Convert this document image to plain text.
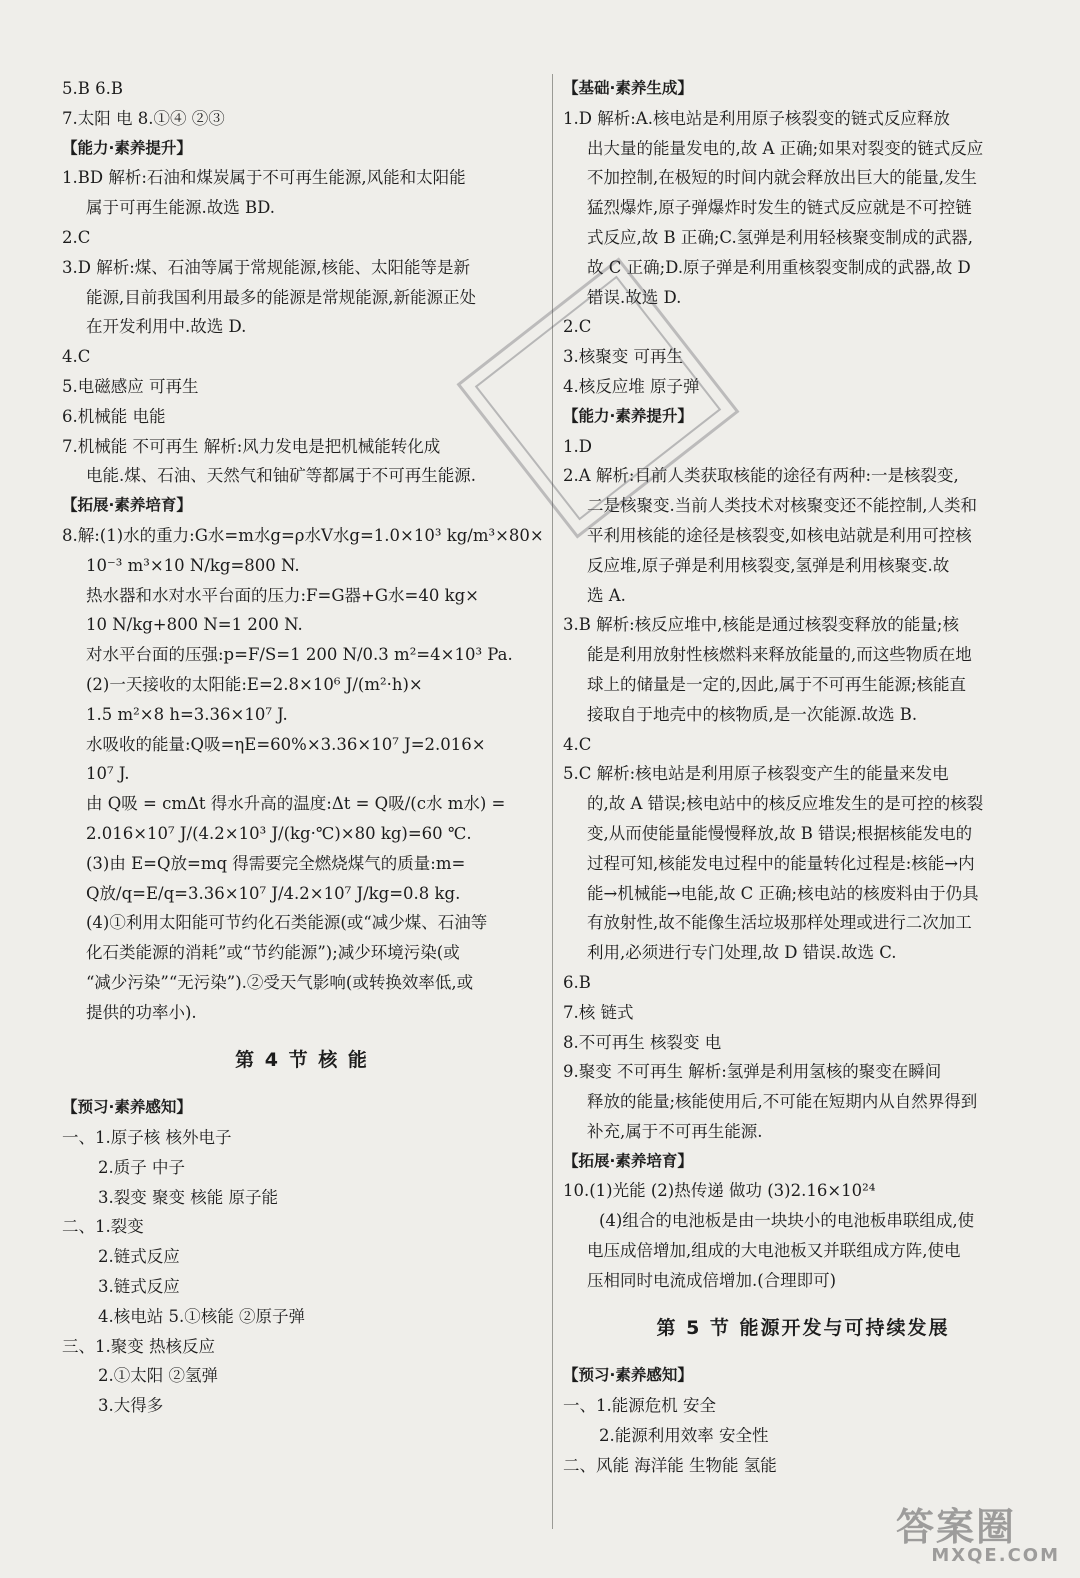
5.B 6.B
7.太阳 电 8.①④ ②③
【能力·素养提升】
1.BD 解析:石油和煤炭属于不可再生能源,风能和太阳能
属于可再生能源.故选 BD.
2.C
3.D 解析:煤、石油等属于常规能源,核能、太阳能等是新
能源,目前我国利用最多的能源是常规能源,新能源正处
在开发利用中.故选 D.
4.C
5.电磁感应 可再生
6.机械能 电能
7.机械能 不可再生 解析:风力发电是把机械能转化成
电能.煤、石油、天然气和铀矿等都属于不可再生能源.
【拓展·素养培育】
8.解:(1)水的重力:G水=m水g=ρ水V水g=1.0×10³ kg/m³×80×
10⁻³ m³×10 N/kg=800 N.
热水器和水对水平台面的压力:F=G器+G水=40 kg×
10 N/kg+800 N=1 200 N.
对水平台面的压强:p=F/S=1 200 N/0.3 m²=4×10³ Pa.
(2)一天接收的太阳能:E=2.8×10⁶ J/(m²·h)×
1.5 m²×8 h=3.36×10⁷ J.
水吸收的能量:Q吸=ηE=60%×3.36×10⁷ J=2.016×
10⁷ J.
由 Q吸 = cmΔt 得水升高的温度:Δt = Q吸/(c水 m水) =
2.016×10⁷ J/(4.2×10³ J/(kg·℃)×80 kg)=60 ℃.
(3)由 E=Q放=mq 得需要完全燃烧煤气的质量:m=
Q放/q=E/q=3.36×10⁷ J/4.2×10⁷ J/kg=0.8 kg.
(4)①利用太阳能可节约化石类能源(或“减少煤、石油等
化石类能源的消耗”或“节约能源”);减少环境污染(或
“减少污染”“无污染”).②受天气影响(或转换效率低,或
提供的功率小).
第 4 节 核 能
【预习·素养感知】
一、1.原子核 核外电子
2.质子 中子
3.裂变 聚变 核能 原子能
二、1.裂变
2.链式反应
3.链式反应
4.核电站 5.①核能 ②原子弹
三、1.聚变 热核反应
2.①太阳 ②氢弹
3.大得多
【基础·素养生成】
1.D 解析:A.核电站是利用原子核裂变的链式反应释放
出大量的能量发电的,故 A 正确;如果对裂变的链式反应
不加控制,在极短的时间内就会释放出巨大的能量,发生
猛烈爆炸,原子弹爆炸时发生的链式反应就是不可控链
式反应,故 B 正确;C.氢弹是利用轻核聚变制成的武器,
故 C 正确;D.原子弹是利用重核裂变制成的武器,故 D
错误.故选 D.
2.C
3.核聚变 可再生
4.核反应堆 原子弹
【能力·素养提升】
1.D
2.A 解析:目前人类获取核能的途径有两种:一是核裂变,
二是核聚变.当前人类技术对核聚变还不能控制,人类和
平利用核能的途径是核裂变,如核电站就是利用可控核
反应堆,原子弹是利用核裂变,氢弹是利用核聚变.故
选 A.
3.B 解析:核反应堆中,核能是通过核裂变释放的能量;核
能是利用放射性核燃料来释放能量的,而这些物质在地
球上的储量是一定的,因此,属于不可再生能源;核能直
接取自于地壳中的核物质,是一次能源.故选 B.
4.C
5.C 解析:核电站是利用原子核裂变产生的能量来发电
的,故 A 错误;核电站中的核反应堆发生的是可控的核裂
变,从而使能量能慢慢释放,故 B 错误;根据核能发电的
过程可知,核能发电过程中的能量转化过程是:核能→内
能→机械能→电能,故 C 正确;核电站的核废料由于仍具
有放射性,故不能像生活垃圾那样处理或进行二次加工
利用,必须进行专门处理,故 D 错误.故选 C.
6.B
7.核 链式
8.不可再生 核裂变 电
9.聚变 不可再生 解析:氢弹是利用氢核的聚变在瞬间
释放的能量;核能使用后,不可能在短期内从自然界得到
补充,属于不可再生能源.
【拓展·素养培育】
10.(1)光能 (2)热传递 做功 (3)2.16×10²⁴
(4)组合的电池板是由一块块小的电池板串联组成,使
电压成倍增加,组成的大电池板又并联组成方阵,使电
压相同时电流成倍增加.(合理即可)
第 5 节 能源开发与可持续发展
【预习·素养感知】
一、1.能源危机 安全
2.能源利用效率 安全性
二、风能 海洋能 生物能 氢能
答案圈
MXQE.COM
